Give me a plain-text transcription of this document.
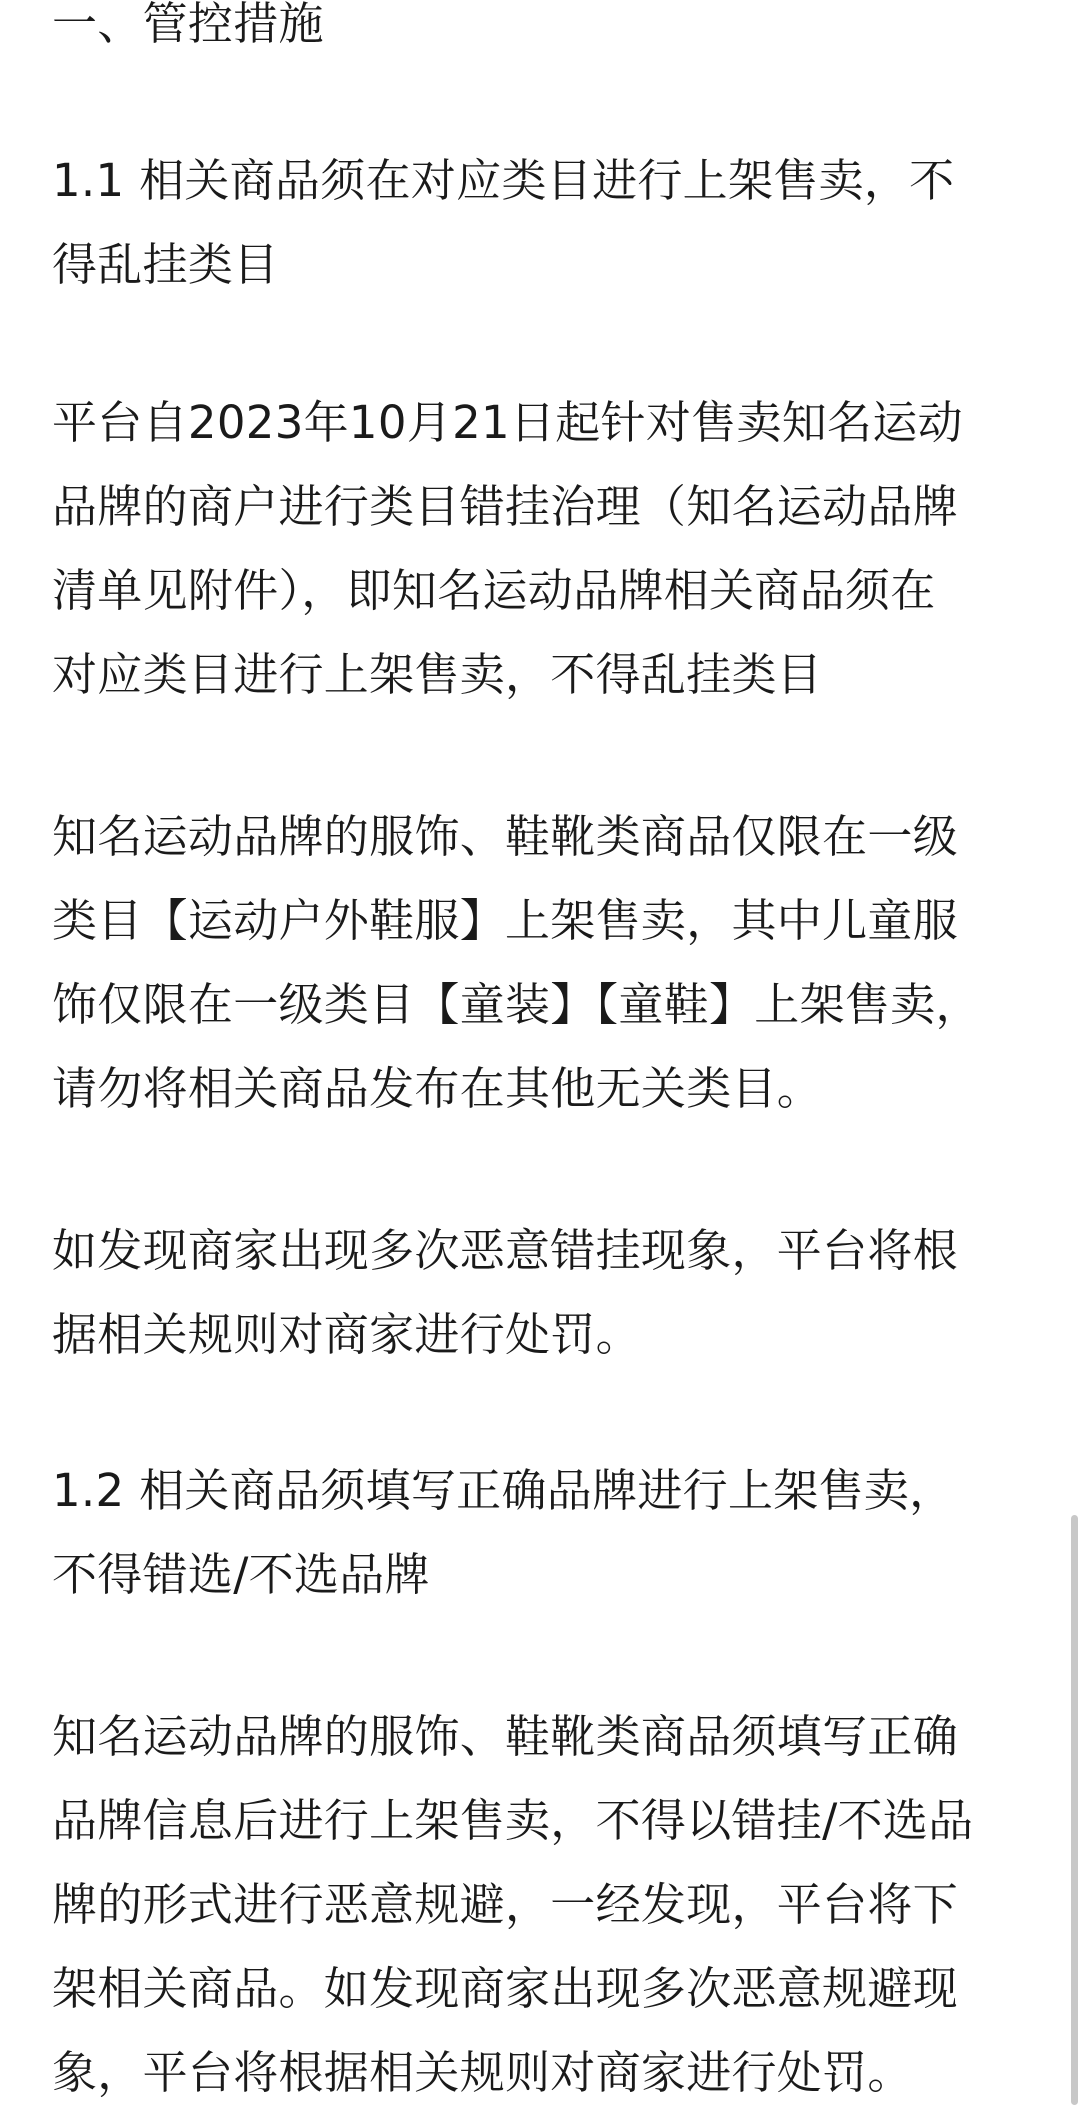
一、管控措施
1.1 相关商品须在对应类目进行上架售卖，不
得乱挂类目
平台自2023年10月21日起针对售卖知名运动
品牌的商户进行类目错挂治理（知名运动品牌
清单见附件），即知名运动品牌相关商品须在
对应类目进行上架售卖，不得乱挂类目
知名运动品牌的服饰、鞋靴类商品仅限在一级
类目【运动户外鞋服】上架售卖，其中儿童服
饰仅限在一级类目【童装】【童鞋】上架售卖，
请勿将相关商品发布在其他无关类目。
如发现商家出现多次恶意错挂现象，平台将根
据相关规则对商家进行处罚。
1.2 相关商品须填写正确品牌进行上架售卖，
不得错选/不选品牌
知名运动品牌的服饰、鞋靴类商品须填写正确
品牌信息后进行上架售卖，不得以错挂/不选品
牌的形式进行恶意规避，一经发现，平台将下
架相关商品。如发现商家出现多次恶意规避现
象，平台将根据相关规则对商家进行处罚。
